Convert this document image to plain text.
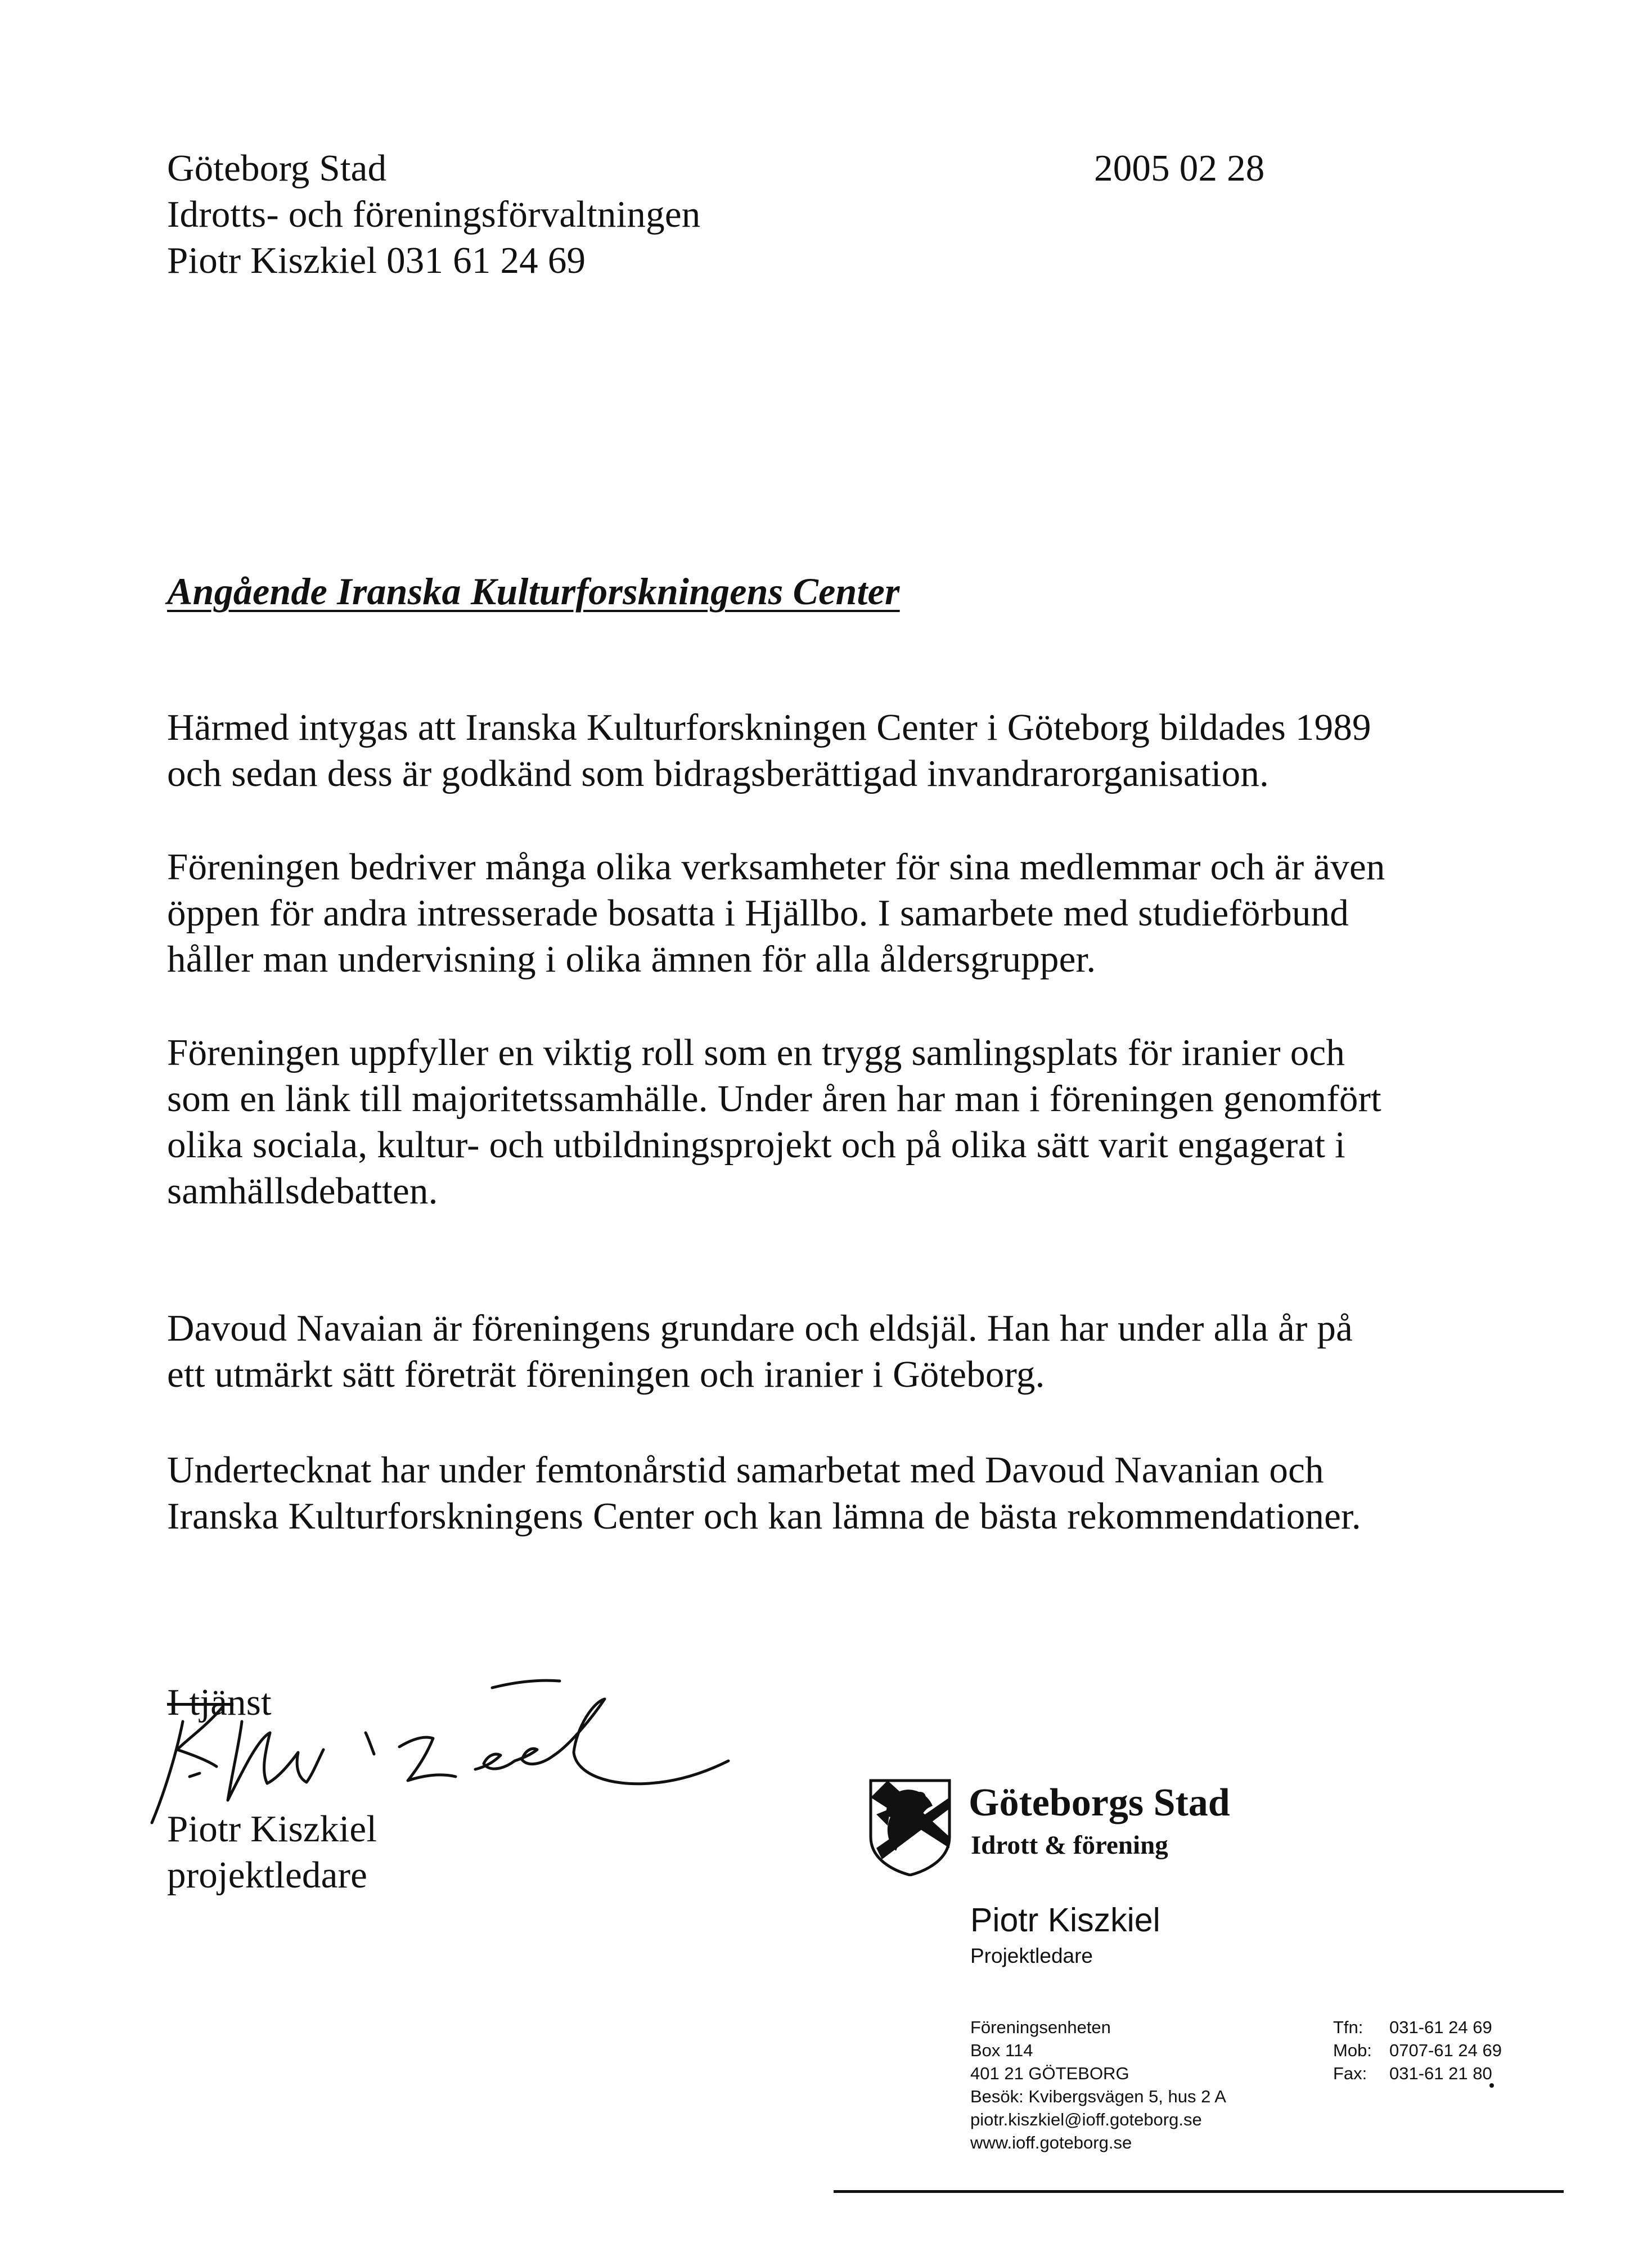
Göteborg Stad
Idrotts- och föreningsförvaltningen
Piotr Kiszkiel 031 61 24 69
2005 02 28
Angående Iranska Kulturforskningens Center
Härmed intygas att Iranska Kulturforskningen Center i Göteborg bildades 1989
och sedan dess är godkänd som bidragsberättigad invandrarorganisation.
Föreningen bedriver många olika verksamheter för sina medlemmar och är även
öppen för andra intresserade bosatta i Hjällbo. I samarbete med studieförbund
håller man undervisning i olika ämnen för alla åldersgrupper.
Föreningen uppfyller en viktig roll som en trygg samlingsplats för iranier och
som en länk till majoritetssamhälle. Under åren har man i föreningen genomfört
olika sociala, kultur- och utbildningsprojekt och på olika sätt varit engagerat i
samhällsdebatten.
Davoud Navaian är föreningens grundare och eldsjäl. Han har under alla år på
ett utmärkt sätt företrät föreningen och iranier i Göteborg.
Undertecknat har under femtonårstid samarbetat med Davoud Navanian och
Iranska Kulturforskningens Center och kan lämna de bästa rekommendationer.
I tjänst
Piotr Kiszkiel
projektledare
Göteborgs Stad
Idrott & förening
Piotr Kiszkiel
Projektledare
Föreningsenheten
Box 114
401 21 GÖTEBORG
Besök: Kvibergsvägen 5, hus 2 A
piotr.kiszkiel@ioff.goteborg.se
www.ioff.goteborg.se
Tfn: 031-61 24 69
Mob: 0707-61 24 69
Fax: 031-61 21 80
